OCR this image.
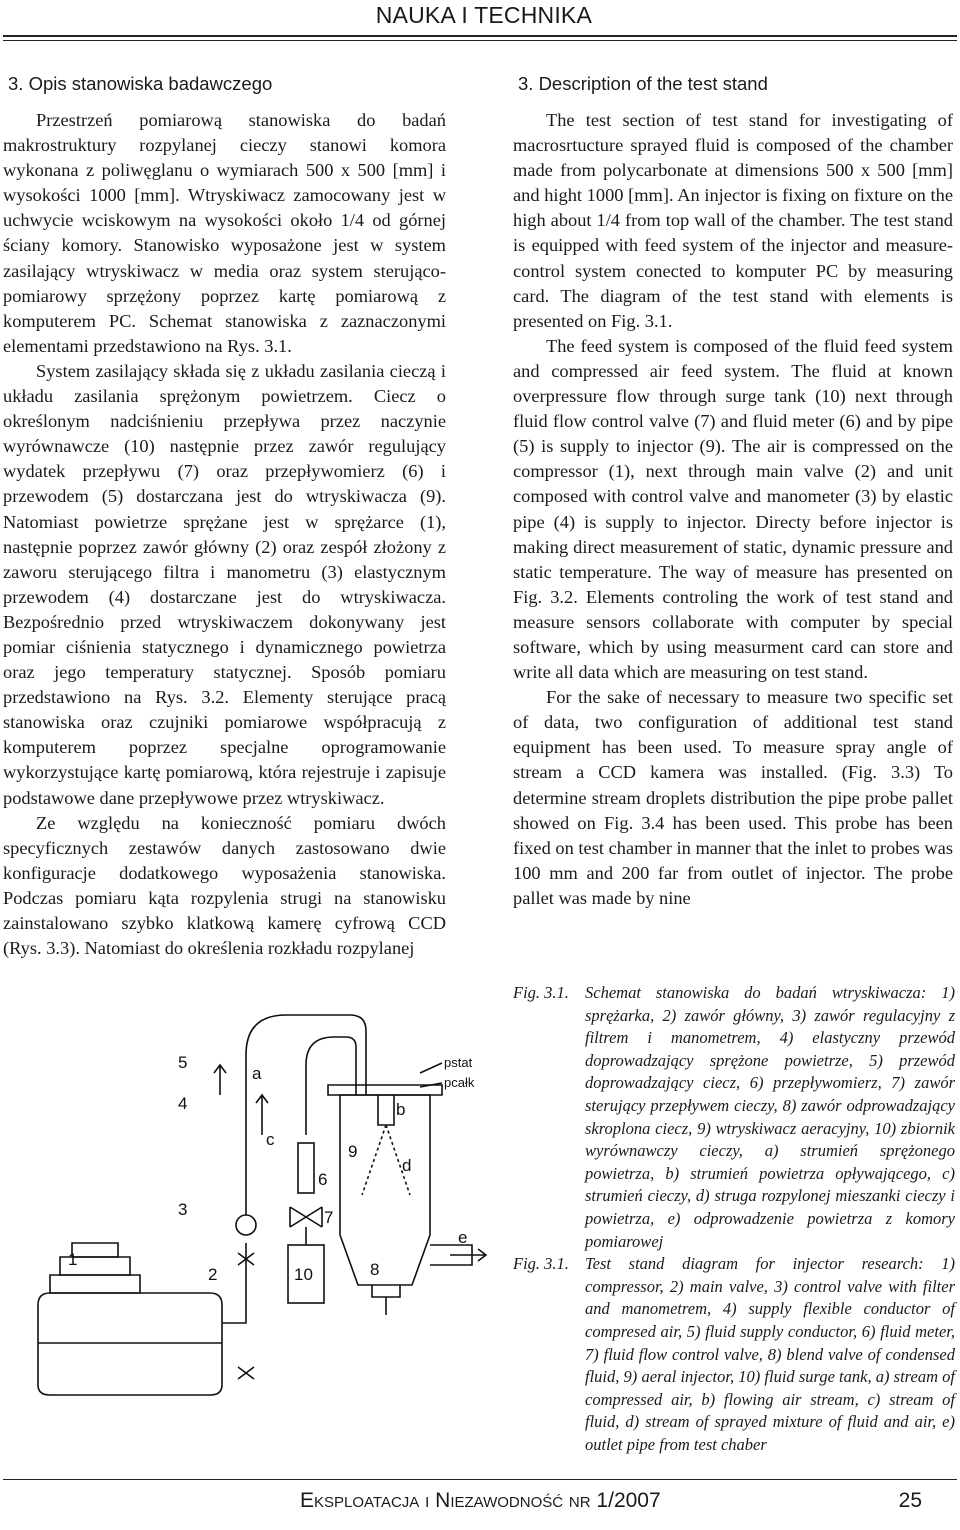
NAUKA I TECHNIKA
3. Opis stanowiska badawczego

Przestrzeń pomiarową stanowiska do badań makrostruktury rozpylanej cieczy stanowi komora wykonana z poliwęglanu o wymiarach 500 x 500 [mm] i wysokości 1000 [mm]. Wtryskiwacz zamocowany jest w uchwycie wciskowym na wysokości około 1/4 od górnej ściany komory. Stanowisko wyposażone jest w system zasilający wtryskiwacz w media oraz system sterująco-pomiarowy sprzężony poprzez kartę pomiarową z komputerem PC. Schemat stanowiska z zaznaczonymi elementami przedstawiono na Rys. 3.1.

System zasilający składa się z układu zasilania cieczą i układu zasilania sprężonym powietrzem. Ciecz o określonym nadciśnieniu przepływa przez naczynie wyrównawcze (10) następnie przez zawór regulujący wydatek przepływu (7) oraz przepływomierz (6) i przewodem (5) dostarczana jest do wtryskiwacza (9). Natomiast powietrze sprężane jest w sprężarce (1), następnie poprzez zawór główny (2) oraz zespół złożony z zaworu sterującego filtra i manometru (3) elastycznym przewodem (4) dostarczane jest do wtryskiwacza. Bezpośrednio przed wtryskiwaczem dokonywany jest pomiar ciśnienia statycznego i dynamicznego powietrza oraz jego temperatury statycznej. Sposób pomiaru przedstawiono na Rys. 3.2. Elementy sterujące pracą stanowiska oraz czujniki pomiarowe współpracują z komputerem poprzez specjalne oprogramowanie wykorzystujące kartę pomiarową, która rejestruje i zapisuje podstawowe dane przepływowe przez wtryskiwacz.

Ze względu na konieczność pomiaru dwóch specyficznych zestawów danych zastosowano dwie konfiguracje dodatkowego wyposażenia stanowiska. Podczas pomiaru kąta rozpylenia strugi na stanowisku zainstalowano szybko klatkową kamerę cyfrową CCD (Rys. 3.3). Natomiast do określenia rozkładu rozpylanej

3. Description of the test stand

The test section of test stand for investigating of macrosrtucture sprayed fluid is composed of the chamber made from polycarbonate at dimensions 500 x 500 [mm] and hight 1000 [mm]. An injector is fixing on fixture on the high about 1/4 from top wall of the chamber. The test stand is equipped with feed system of the injector and measure-control system conected to komputer PC by measuring card. The diagram of the test stand with elements is presented on Fig. 3.1.

The feed system is composed of the fluid feed system and compressed air feed system. The fluid at known overpressure flow through surge tank (10) next through fluid flow control valve (7) and fluid meter (6) and by pipe (5) is supply to injector (9). The air is compressed on the compressor (1), next through main valve (2) and unit composed with control valve and manometer (3) by elastic pipe (4) is supply to injector. Directy before injector is making direct measurement of static, dynamic pressure and static temperature. The way of measure has presented on Fig. 3.2. Elements controling the work of test stand and measure sensors collaborate with computer by special software, which by using measurment card can store and write all data which are measuring on test stand.

For the sake of necessary to measure two specific set of data, two configuration of additional test stand equipment has been used. To measure spray angle of stream a CCD kamera was installed. (Fig. 3.3) To determine stream droplets distribution the pipe probe pallet showed on Fig. 3.4 has been used. This probe has been fixed on test chamber in manner that the inlet to probes was 100 mm and 200 far from outlet of injector. The probe pallet was made by nine

Fig. 3.1. Schemat stanowiska do badań wtryskiwacza: 1) sprężarka, 2) zawór główny, 3) zawór regulacyjny z filtrem i manometrem, 4) elastyczny przewód doprowadzający sprężone powietrze, 5) przewód doprowadzający ciecz, 6) przepływomierz, 7) zawór sterujący przepływem cieczy, 8) zawór odprowadzający skroplona ciecz, 9) wtryskiwacz aeracyjny, 10) zbiornik wyrównawczy cieczy, a) strumień sprężonego powietrza, b) strumień powietrza opływającego, c) strumień cieczy, d) struga rozpylonej mieszanki cieczy i powietrza, e) odprowadzenie powietrza z komory pomiarowej
Fig. 3.1. Test stand diagram for injector research: 1) compressor, 2) main valve, 3) control valve with filter and manometrem, 4) supply flexible conductor of compresed air, 5) fluid supply conductor, 6) fluid meter, 7) fluid flow control valve, 8) blend valve of condensed fluid, 9) aeral injector, 10) fluid surge tank, a) stream of compressed air, b) flowing air stream, c) stream of fluid, d) stream of sprayed mixture of fluid and air, e) outlet pipe from test chaber
5
4
3
2
1
6
7
8
9
10
a
b
c
d
e
pstat
pcałk
Eksploatacja i Niezawodność nr 1/2007	25
